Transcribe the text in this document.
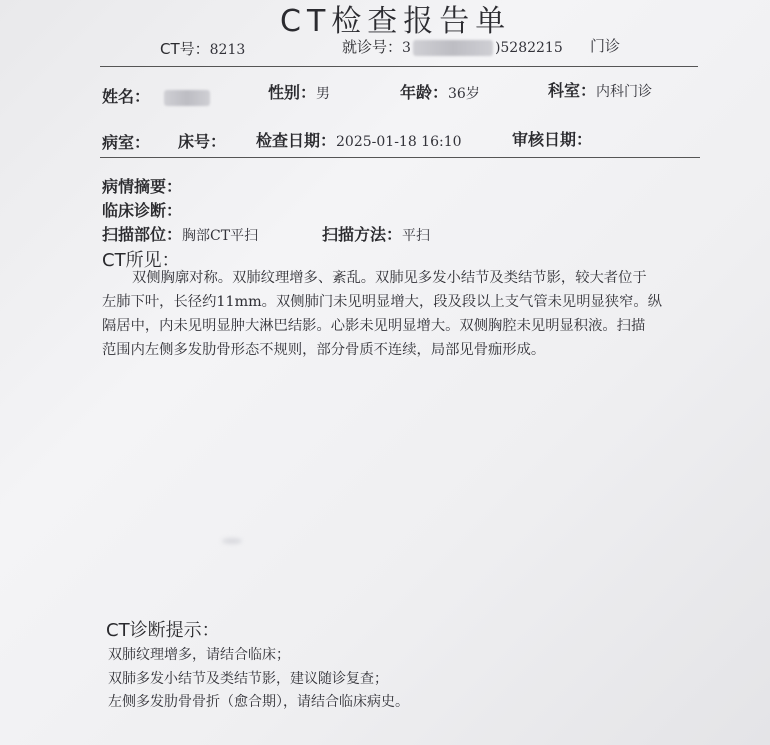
CT检查报告单
CT号：8213	就诊号：3	)5282215 门诊
姓名：	性别：男	年龄：36岁	科室：内科门诊
病室： 床号： 检查日期：2025-01-18 16:10	审核日期：
病情摘要：
临床诊断：
扫描部位：胸部CT平扫	扫描方法：平扫
CT所见：
双侧胸廓对称。双肺纹理增多、紊乱。双肺见多发小结节及类结节影，较大者位于
左肺下叶，长径约11mm。双侧肺门未见明显增大，段及段以上支气管未见明显狭窄。纵
隔居中，内未见明显肿大淋巴结影。心影未见明显增大。双侧胸腔未见明显积液。扫描
范围内左侧多发肋骨形态不规则，部分骨质不连续，局部见骨痂形成。
CT诊断提示：
双肺纹理增多，请结合临床；
双肺多发小结节及类结节影，建议随诊复查；
左侧多发肋骨骨折（愈合期），请结合临床病史。
